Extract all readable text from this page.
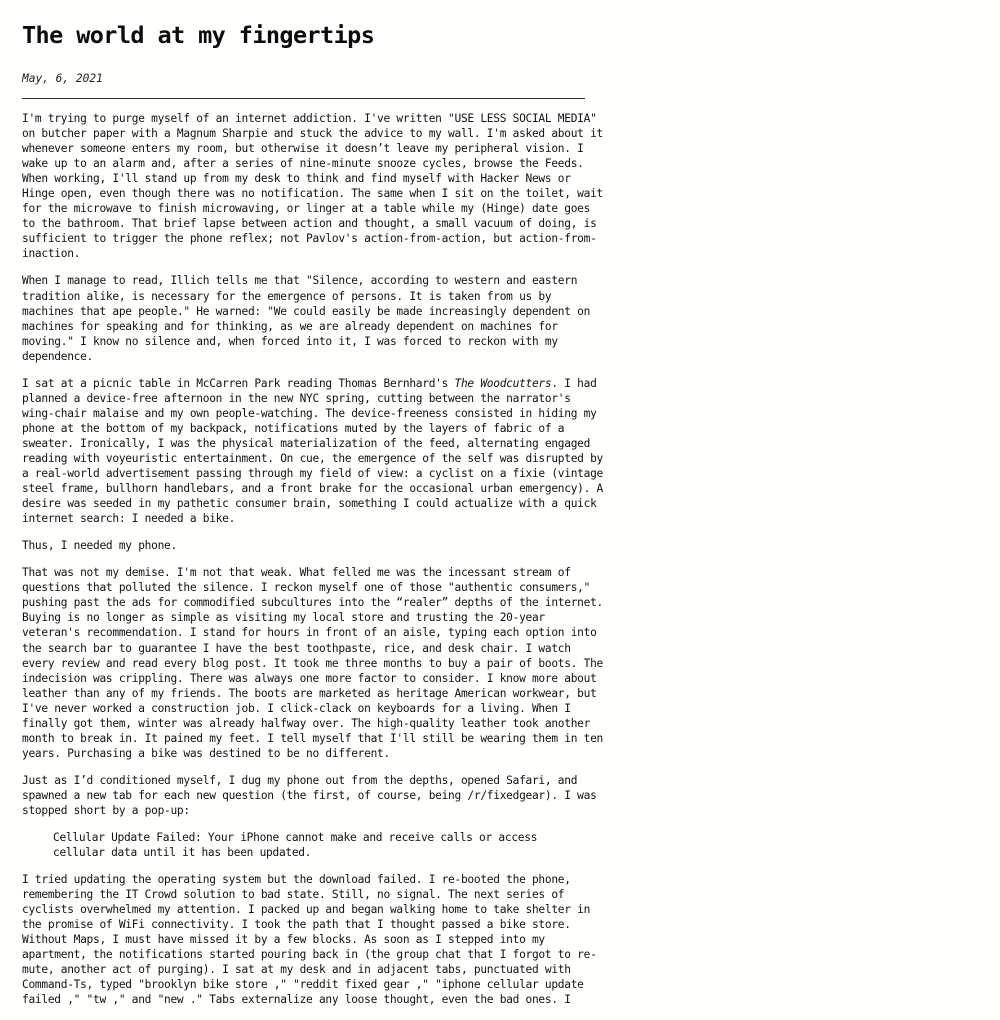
The world at my fingertips
May, 6, 2021

I'm trying to purge myself of an internet addiction. I've written "USE LESS SOCIAL MEDIA"
on butcher paper with a Magnum Sharpie and stuck the advice to my wall. I'm asked about it
whenever someone enters my room, but otherwise it doesn’t leave my peripheral vision. I
wake up to an alarm and, after a series of nine-minute snooze cycles, browse the Feeds.
When working, I'll stand up from my desk to think and find myself with Hacker News or
Hinge open, even though there was no notification. The same when I sit on the toilet, wait
for the microwave to finish microwaving, or linger at a table while my (Hinge) date goes
to the bathroom. That brief lapse between action and thought, a small vacuum of doing, is
sufficient to trigger the phone reflex; not Pavlov's action-from-action, but action-from-
inaction.

When I manage to read, Illich tells me that "Silence, according to western and eastern
tradition alike, is necessary for the emergence of persons. It is taken from us by
machines that ape people." He warned: "We could easily be made increasingly dependent on
machines for speaking and for thinking, as we are already dependent on machines for
moving." I know no silence and, when forced into it, I was forced to reckon with my
dependence.

I sat at a picnic table in McCarren Park reading Thomas Bernhard's The Woodcutters. I had
planned a device-free afternoon in the new NYC spring, cutting between the narrator's
wing-chair malaise and my own people-watching. The device-freeness consisted in hiding my
phone at the bottom of my backpack, notifications muted by the layers of fabric of a
sweater. Ironically, I was the physical materialization of the feed, alternating engaged
reading with voyeuristic entertainment. On cue, the emergence of the self was disrupted by
a real-world advertisement passing through my field of view: a cyclist on a fixie (vintage
steel frame, bullhorn handlebars, and a front brake for the occasional urban emergency). A
desire was seeded in my pathetic consumer brain, something I could actualize with a quick
internet search: I needed a bike.

Thus, I needed my phone.

That was not my demise. I'm not that weak. What felled me was the incessant stream of
questions that polluted the silence. I reckon myself one of those "authentic consumers,"
pushing past the ads for commodified subcultures into the “realer” depths of the internet.
Buying is no longer as simple as visiting my local store and trusting the 20-year
veteran's recommendation. I stand for hours in front of an aisle, typing each option into
the search bar to guarantee I have the best toothpaste, rice, and desk chair. I watch
every review and read every blog post. It took me three months to buy a pair of boots. The
indecision was crippling. There was always one more factor to consider. I know more about
leather than any of my friends. The boots are marketed as heritage American workwear, but
I've never worked a construction job. I click-clack on keyboards for a living. When I
finally got them, winter was already halfway over. The high-quality leather took another
month to break in. It pained my feet. I tell myself that I'll still be wearing them in ten
years. Purchasing a bike was destined to be no different.

Just as I’d conditioned myself, I dug my phone out from the depths, opened Safari, and
spawned a new tab for each new question (the first, of course, being /r/fixedgear). I was
stopped short by a pop-up:

Cellular Update Failed: Your iPhone cannot make and receive calls or access
cellular data until it has been updated.

I tried updating the operating system but the download failed. I re-booted the phone,
remembering the IT Crowd solution to bad state. Still, no signal. The next series of
cyclists overwhelmed my attention. I packed up and began walking home to take shelter in
the promise of WiFi connectivity. I took the path that I thought passed a bike store.
Without Maps, I must have missed it by a few blocks. As soon as I stepped into my
apartment, the notifications started pouring back in (the group chat that I forgot to re-
mute, another act of purging). I sat at my desk and in adjacent tabs, punctuated with
Command-Ts, typed "brooklyn bike store ," "reddit fixed gear ," "iphone cellular update
failed ," "tw ," and "new ." Tabs externalize any loose thought, even the bad ones. I
